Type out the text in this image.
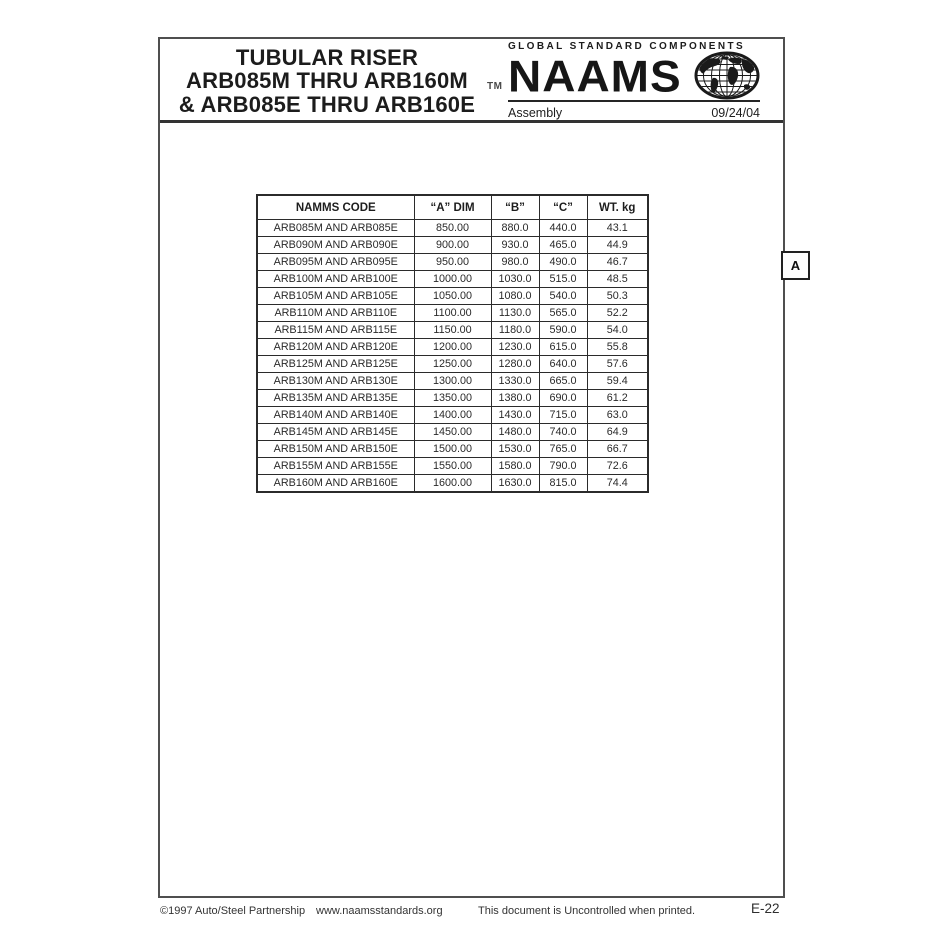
TUBULAR RISER
ARB085M THRU ARB160M
& ARB085E THRU ARB160E
TM
GLOBAL STANDARD COMPONENTS
NAAMS
Assembly	09/24/04
NAMMS CODE	“A” DIM	“B”	“C”	WT. kg
ARB085M AND ARB085E	850.00	880.0	440.0	43.1
ARB090M AND ARB090E	900.00	930.0	465.0	44.9
ARB095M AND ARB095E	950.00	980.0	490.0	46.7
ARB100M AND ARB100E	1000.00	1030.0	515.0	48.5
ARB105M AND ARB105E	1050.00	1080.0	540.0	50.3
ARB110M AND ARB110E	1100.00	1130.0	565.0	52.2
ARB115M AND ARB115E	1150.00	1180.0	590.0	54.0
ARB120M AND ARB120E	1200.00	1230.0	615.0	55.8
ARB125M AND ARB125E	1250.00	1280.0	640.0	57.6
ARB130M AND ARB130E	1300.00	1330.0	665.0	59.4
ARB135M AND ARB135E	1350.00	1380.0	690.0	61.2
ARB140M AND ARB140E	1400.00	1430.0	715.0	63.0
ARB145M AND ARB145E	1450.00	1480.0	740.0	64.9
ARB150M AND ARB150E	1500.00	1530.0	765.0	66.7
ARB155M AND ARB155E	1550.00	1580.0	790.0	72.6
ARB160M AND ARB160E	1600.00	1630.0	815.0	74.4
A
©1997 Auto/Steel Partnership www.naamsstandards.org	This document is Uncontrolled when printed.	E-22
